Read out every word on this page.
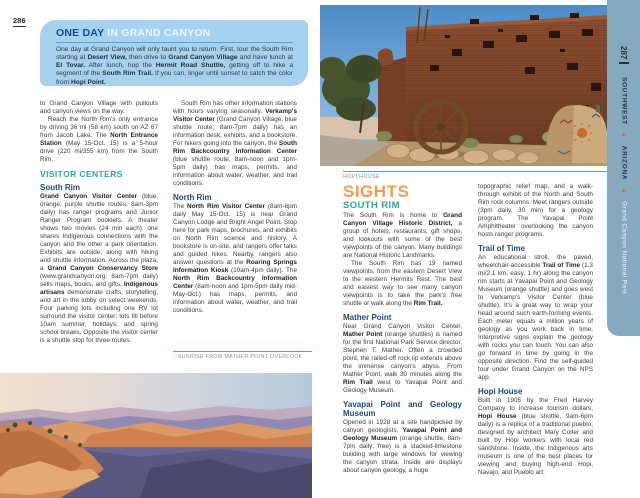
286
ONE DAY IN GRAND CANYON
One day at Grand Canyon will only taunt you to return. First, tour the South Rim starting at Desert View, then drive to Grand Canyon Village and have lunch at El Tovar. After lunch, hop the Hermit Road Shuttle, getting off to hike a segment of the South Rim Trail. If you can, linger until sunset to catch the color from Hopi Point.
to Grand Canyon Village with pullouts and canyon views on the way.
Reach the North Rim's only entrance by driving 36 mi (58 km) south on AZ 67 from Jacob Lake. The North Entrance Station (May 15-Oct. 15) is a 5-hour drive (220 mi/355 km) from the South Rim.
VISITOR CENTERS
South Rim
Grand Canyon Visitor Center (blue, orange, purple shuttle routes; 8am-3pm daily) has ranger programs and Junior Ranger Program booklets. A theater shows two movies (24 min each): one shares Indigenous connections with the canyon and the other a park orientation. Exhibits are outside, along with hiking and shuttle information. Across the plaza, a Grand Canyon Conservancy Store (www.grandcanyon.org; 8am-7pm daily) sells maps, books, and gifts. Indigenous artisans demonstrate crafts, storytelling, and art in the lobby on select weekends. Four parking lots including one RV lot surround the visitor center; lots fill before 10am summer, holidays, and spring school breaks. Opposite the visitor center is a shuttle stop for three routes.
South Rim has other information stations with hours varying seasonally. Verkamp's Visitor Center (Grand Canyon Village, blue shuttle route; 8am-7pm daily) has an information desk, exhibits, and a bookstore. For hikers going into the canyon, the South Rim Backcountry Information Center (blue shuttle route, 8am-noon and 1pm-5pm daily) has maps, permits, and information about water, weather, and trail conditions.
North Rim
The North Rim Visitor Center (8am-6pm daily May 15-Oct. 15) is near Grand Canyon Lodge and Bright Angel Point. Stop here for park maps, brochures, and exhibits on North Rim science and history. A bookstore is on-site, and rangers offer talks and guided hikes. Nearby, rangers also answer questions at the Roaring Springs Information Kiosk (10am-4pm daily). The North Rim Backcountry Information Center (8am-noon and 1pm-5pm daily mid-May-Oct.) has maps, permits, and information about water, weather, and trail conditions.
↑ SUNRISE FROM MATHER POINT OVERLOOK
HOPI HOUSE
SIGHTS
SOUTH RIM
The South Rim is home to Grand Canyon Village Historic District, a group of hotels, restaurants, gift shops, and lookouts with some of the best viewpoints of the canyon. Many buildings are National Historic Landmarks.
The South Rim has 19 named viewpoints, from the eastern Desert View to the western Hermits Rest. The best and easiest way to see many canyon viewpoints is to take the park's free shuttle or walk along the Rim Trail.
Mather Point
Near Grand Canyon Visitor Center, Mather Point (orange shuttles) is named for the first National Park Service director, Stephen T. Mather. Often a crowded point, the railed-off rock lip extends above the immense canyon's abyss. From Mather Point, walk 30 minutes along the Rim Trail west to Yavapai Point and Geology Museum.
Yavapai Point and Geology Museum
Opened in 1928 at a site handpicked by canyon geologists, Yavapai Point and Geology Museum (orange shuttle, 8am-7pm daily; free) is a stacked-limestone building with large windows for viewing the canyon strata. Inside are displays about canyon geology, a huge
topographic relief map, and a walk-through exhibit of the North and South Rim rock columns. Meet rangers outside (3pm daily, 30 min) for a geology program. The Yavapai Point Amphitheater overlooking the canyon hosts ranger programs.
Trail of Time
An educational stroll, the paved, wheelchair-accessible Trail of Time (1.3 mi/2.1 km, easy, 1 hr) along the canyon rim starts at Yavapai Point and Geology Museum (orange shuttle) and goes west to Verkamp's Visitor Center (blue shuttle). It's a great way to wrap your head around such earth-forming events. Each meter equals a million years of geology as you work back in time. Interpretive signs explain the geology with rocks you can touch. You can also go forward in time by going in the opposite direction. Find the self-guided tour under Grand Canyon on the NPS app.
Hopi House
Built in 1905 by the Fred Harvey Company to increase tourism dollars, Hopi House (blue shuttle, 9am-6pm daily) is a replica of a traditional pueblo, designed by architect Mary Colter and built by Hopi workers with local red sandstone. Inside, the Indigenous arts museum is one of the best places for viewing and buying high-end Hopi, Navajo, and Pueblo art.
287
SOUTHWEST ◆ ARIZONA ◆ Grand Canyon National Park
